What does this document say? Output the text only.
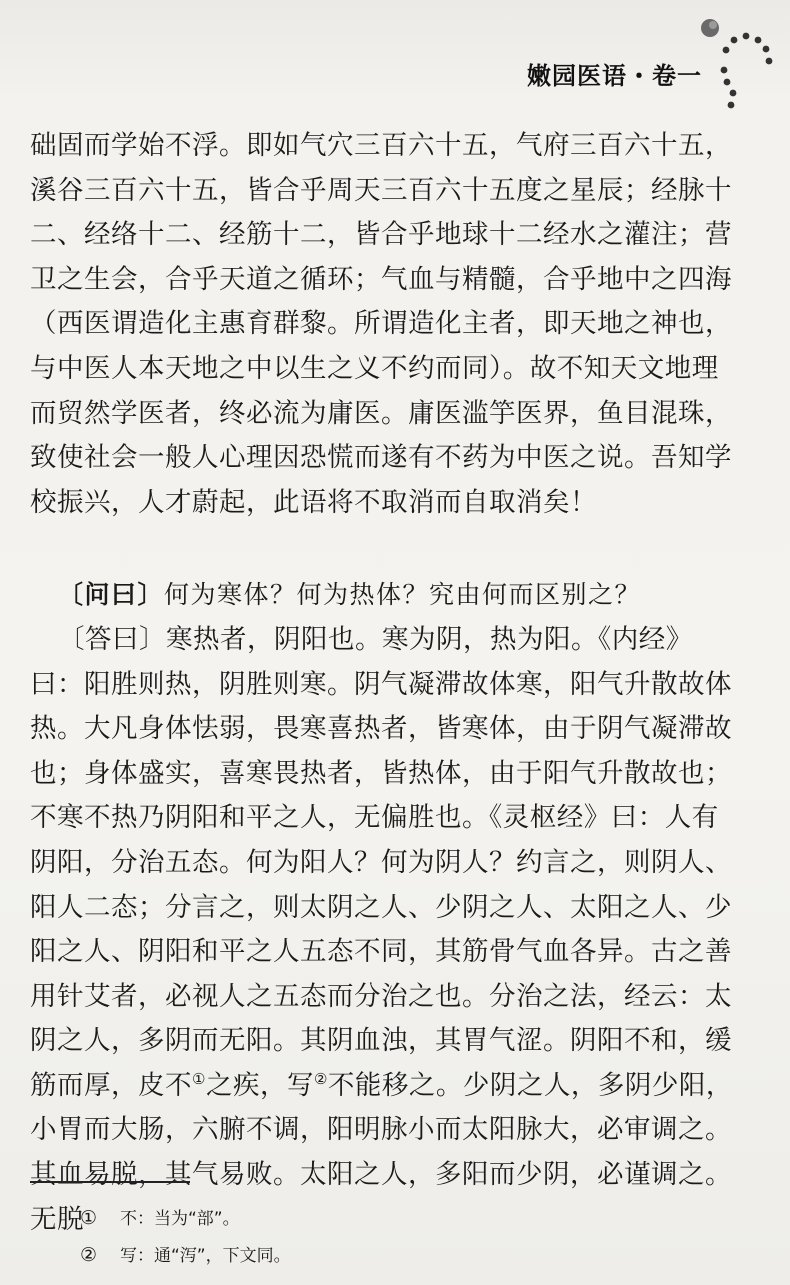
嫩园医语・卷一

础固而学始不浮。即如气穴三百六十五，气府三百六十五，溪谷三百六十五，皆合乎周天三百六十五度之星辰；经脉十二、经络十二、经筋十二，皆合乎地球十二经水之灌注；营卫之生会，合乎天道之循环；气血与精髓，合乎地中之四海（西医谓造化主惠育群黎。所谓造化主者，即天地之神也，与中医人本天地之中以生之义不约而同）。故不知天文地理而贸然学医者，终必流为庸医。庸医滥竽医界，鱼目混珠，致使社会一般人心理因恐慌而遂有不药为中医之说。吾知学校振兴，人才蔚起，此语将不取消而自取消矣！

〔问曰〕何为寒体？何为热体？究由何而区别之？

〔答曰〕寒热者，阴阳也。寒为阴，热为阳。《内经》曰：阳胜则热，阴胜则寒。阴气凝滞故体寒，阳气升散故体热。大凡身体怯弱，畏寒喜热者，皆寒体，由于阴气凝滞故也；身体盛实，喜寒畏热者，皆热体，由于阳气升散故也；不寒不热乃阴阳和平之人，无偏胜也。《灵枢经》曰：人有阴阳，分治五态。何为阳人？何为阴人？约言之，则阴人、阳人二态；分言之，则太阴之人、少阴之人、太阳之人、少阳之人、阴阳和平之人五态不同，其筋骨气血各异。古之善用针艾者，必视人之五态而分治之也。分治之法，经云：太阴之人，多阴而无阳。其阴血浊，其胃气涩。阴阳不和，缓筋而厚，皮不①之疾，写②不能移之。少阴之人，多阴少阳，小胃而大肠，六腑不调，阳明脉小而太阳脉大，必审调之。其血易脱，其气易败。太阳之人，多阳而少阴，必谨调之。无脱

①	不：当为“部”。
②	写：通“泻”，下文同。
